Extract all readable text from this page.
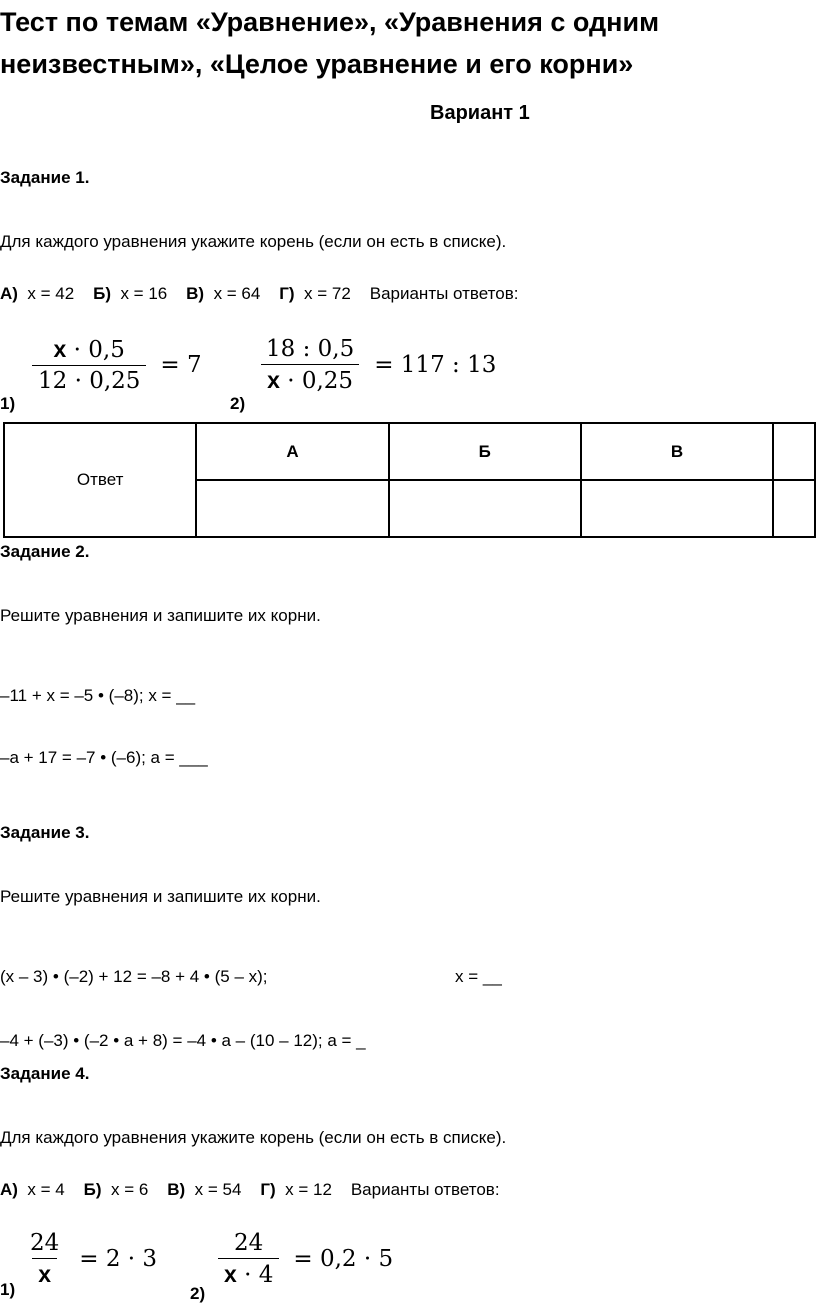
Тест по темам «Уравнение», «Уравнения с одним
неизвестным», «Целое уравнение и его корни»
Вариант 1
Задание 1.
Для каждого уравнения укажите корень (если он есть в списке).
А) x = 42 Б) x = 16 В) x = 64 Г) x = 72 Варианты ответов:
1)
$\frac{x \cdot 0,5}{12 \cdot 0,25} = 7$
2)
$\frac{18 : 0,5}{x \cdot 0,25} = 117$ : 13
Ответ	А	Б	В	

Задание 2.
Решите уравнения и запишите их корни.
–11 + x = –5 • (–8); x = __
–a + 17 = –7 • (–6); a = ___
Задание 3.
Решите уравнения и запишите их корни.
(x – 3) • (–2) + 12 = –8 + 4 • (5 – x);	x = __
–4 + (–3) • (–2 • a + 8) = –4 • a – (10 – 12); a = _
Задание 4.
Для каждого уравнения укажите корень (если он есть в списке).
А) x = 4 Б) x = 6 В) x = 54 Г) x = 12 Варианты ответов:
1)
$\frac{24}{x} = 2 \cdot 3$
2)
$\frac{24}{x \cdot 4} = 0,2 \cdot 5$
